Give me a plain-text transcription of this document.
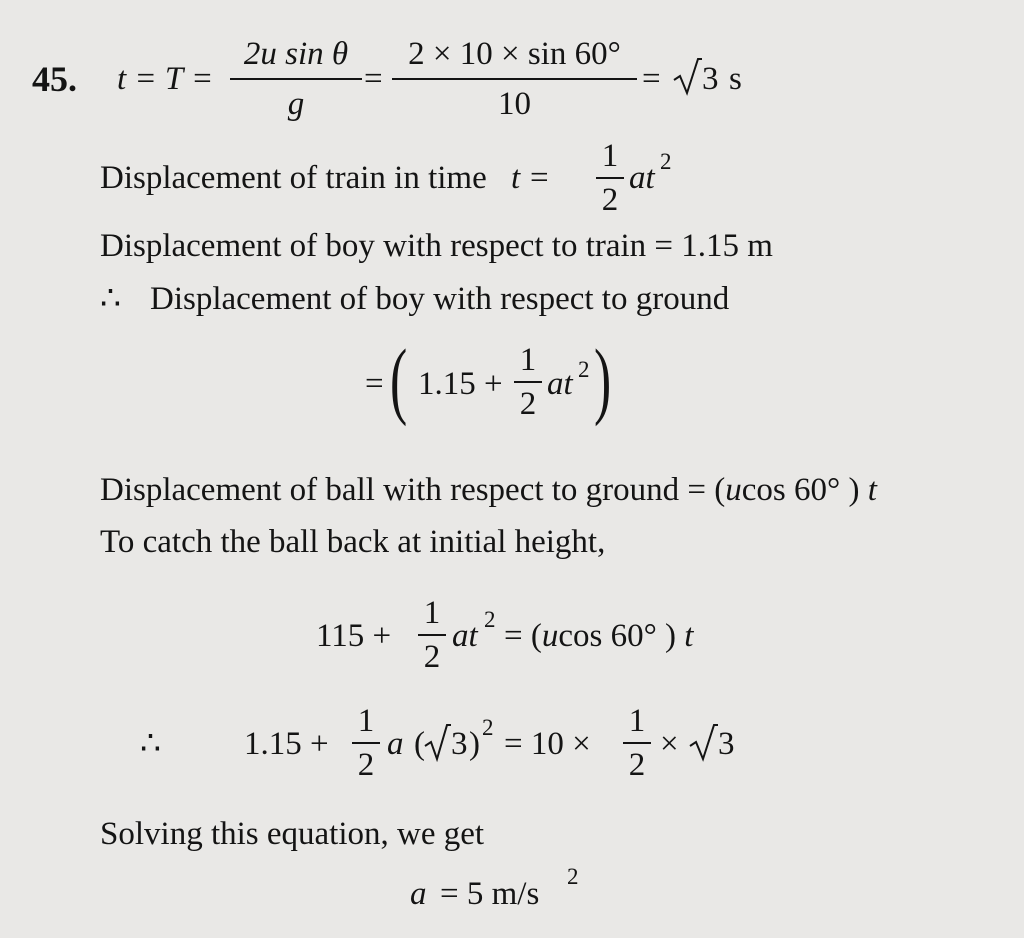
45. t = T =
2u sin θ
g
=
2 × 10 × sin 60°
10
= 3 s
Displacement of train in time t =
1
2
at 2
Displacement of boy with respect to train = 1.15 m
∴ Displacement of boy with respect to ground
= ( 1.15 +
1
2
at 2 )
Displacement of ball with respect to ground = (ucos 60° ) t
To catch the ball back at initial height,
115 +
1
2
at 2 = (ucos 60° ) t
∴	1.15 +
1
2
a ( 3 ) 2 = 10 ×
1
2
× 3
Solving this equation, we get
a = 5 m/s 2
